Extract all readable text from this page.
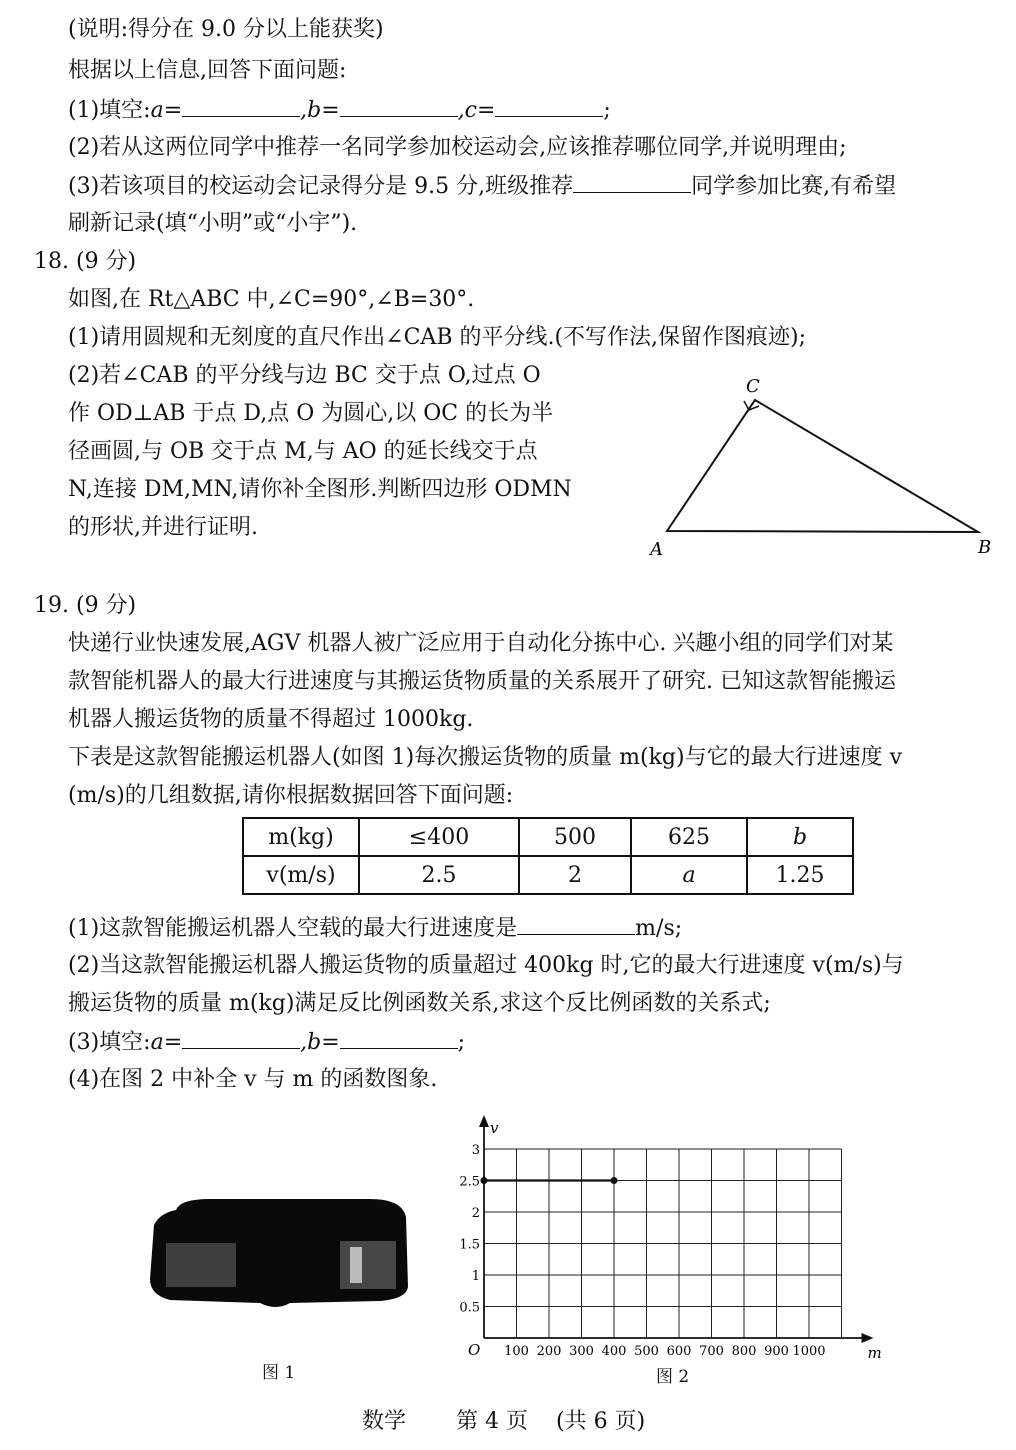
(说明:得分在 9.0 分以上能获奖)
根据以上信息,回答下面问题:
(1)填空:a=	,b=	,c=	;
(2)若从这两位同学中推荐一名同学参加校运动会,应该推荐哪位同学,并说明理由;
(3)若该项目的校运动会记录得分是 9.5 分,班级推荐	同学参加比赛,有希望
刷新记录(填“小明”或“小宇”).
18. (9 分)
如图,在 Rt△ABC 中,∠C=90°,∠B=30°.
(1)请用圆规和无刻度的直尺作出∠CAB 的平分线.(不写作法,保留作图痕迹);
(2)若∠CAB 的平分线与边 BC 交于点 O,过点 O
作 OD⊥AB 于点 D,点 O 为圆心,以 OC 的长为半
径画圆,与 OB 交于点 M,与 AO 的延长线交于点
N,连接 DM,MN,请你补全图形.判断四边形 ODMN
的形状,并进行证明.
C
A	B
19. (9 分)
快递行业快速发展,AGV 机器人被广泛应用于自动化分拣中心. 兴趣小组的同学们对某
款智能机器人的最大行进速度与其搬运货物质量的关系展开了研究. 已知这款智能搬运
机器人搬运货物的质量不得超过 1000kg.
下表是这款智能搬运机器人(如图 1)每次搬运货物的质量 m(kg)与它的最大行进速度 v
(m/s)的几组数据,请你根据数据回答下面问题:
m(kg)	≤400	500	625	b
v(m/s)	2.5	2	a	1.25
(1)这款智能搬运机器人空载的最大行进速度是	m/s;
(2)当这款智能搬运机器人搬运货物的质量超过 400kg 时,它的最大行进速度 v(m/s)与
搬运货物的质量 m(kg)满足反比例函数关系,求这个反比例函数的关系式;
(3)填空:a=	,b=	;
(4)在图 2 中补全 v 与 m 的函数图象.
图 1
v
m
O 100 200 300 400 500 600 700 800 900 1000
0.5
1
1.5
2
2.5
3
图 2
数学 第 4 页 (共 6 页)
